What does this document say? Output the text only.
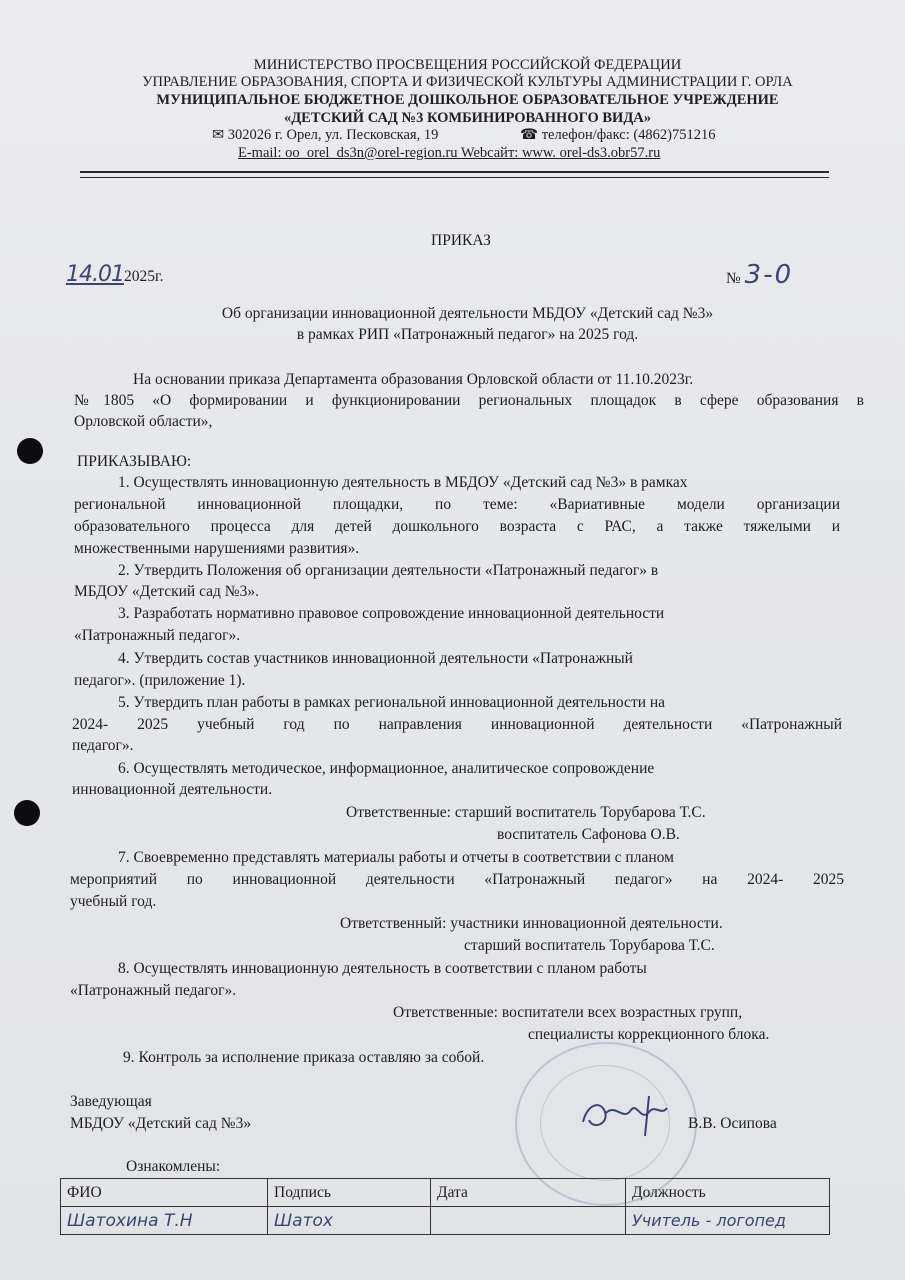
МИНИСТЕРСТВО ПРОСВЕЩЕНИЯ РОССИЙСКОЙ ФЕДЕРАЦИИ
УПРАВЛЕНИЕ ОБРАЗОВАНИЯ, СПОРТА И ФИЗИЧЕСКОЙ КУЛЬТУРЫ АДМИНИСТРАЦИИ Г. ОРЛА
МУНИЦИПАЛЬНОЕ БЮДЖЕТНОЕ ДОШКОЛЬНОЕ ОБРАЗОВАТЕЛЬНОЕ УЧРЕЖДЕНИЕ
«ДЕТСКИЙ САД №3 КОМБИНИРОВАННОГО ВИДА»
✉ 302026 г. Орел, ул. Песковская, 19	☎ телефон/факс: (4862)751216
E-mail: oo_orel_ds3n@orel-region.ru Webсайт: www. orel-ds3.obr57.ru
ПРИКАЗ
14.012025г.	№ 3-0
Об организации инновационной деятельности МБДОУ «Детский сад №3»
в рамках РИП «Патронажный педагог» на 2025 год.
На основании приказа Департамента образования Орловской области от 11.10.2023г.
№1805 «О формировании и функционировании региональных площадок в сфере образования в
Орловской области»,
ПРИКАЗЫВАЮ:
1. Осуществлять инновационную деятельность в МБДОУ «Детский сад №3» в рамках
региональной инновационной площадки, по теме: «Вариативные модели организации
образовательного процесса для детей дошкольного возраста с РАС, а также тяжелыми и
множественными нарушениями развития».
2. Утвердить Положения об организации деятельности «Патронажный педагог» в
МБДОУ «Детский сад №3».
3. Разработать нормативно правовое сопровождение инновационной деятельности
«Патронажный педагог».
4. Утвердить состав участников инновационной деятельности «Патронажный
педагог». (приложение 1).
5. Утвердить план работы в рамках региональной инновационной деятельности на
2024- 2025 учебный год по направления инновационной деятельности «Патронажный
педагог».
6. Осуществлять методическое, информационное, аналитическое сопровождение
инновационной деятельности.
Ответственные: старший воспитатель Торубарова Т.С.
воспитатель Сафонова О.В.
7. Своевременно представлять материалы работы и отчеты в соответствии с планом
мероприятий по инновационной деятельности «Патронажный педагог» на 2024- 2025
учебный год.
Ответственный: участники инновационной деятельности.
старший воспитатель Торубарова Т.С.
8. Осуществлять инновационную деятельность в соответствии с планом работы
«Патронажный педагог».
Ответственные: воспитатели всех возрастных групп,
специалисты коррекционного блока.
9. Контроль за исполнение приказа оставляю за собой.
Заведующая
МБДОУ «Детский сад №3»	В.В. Осипова
Ознакомлены:
ФИО	Подпись	Дата	Должность
Шатохина Т.Н	Шатох		Учитель - логопед
